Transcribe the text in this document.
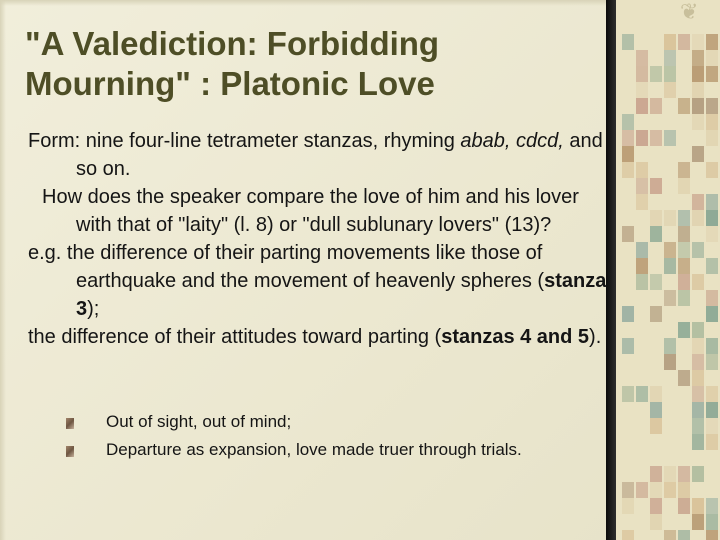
❦
"A Valediction: Forbidding Mourning" : Platonic Love

Form: nine four-line tetrameter stanzas, rhyming abab, cdcd, and so on.

How does the speaker compare the love of him and his lover with that of "laity" (l. 8) or "dull sublunary lovers" (13)?

e.g. the difference of their parting movements like those of earthquake and the movement of heavenly spheres (stanza 3);

the difference of their attitudes toward parting (stanzas 4 and 5).

Out of sight, out of mind;
Departure as expansion, love made truer through trials.
